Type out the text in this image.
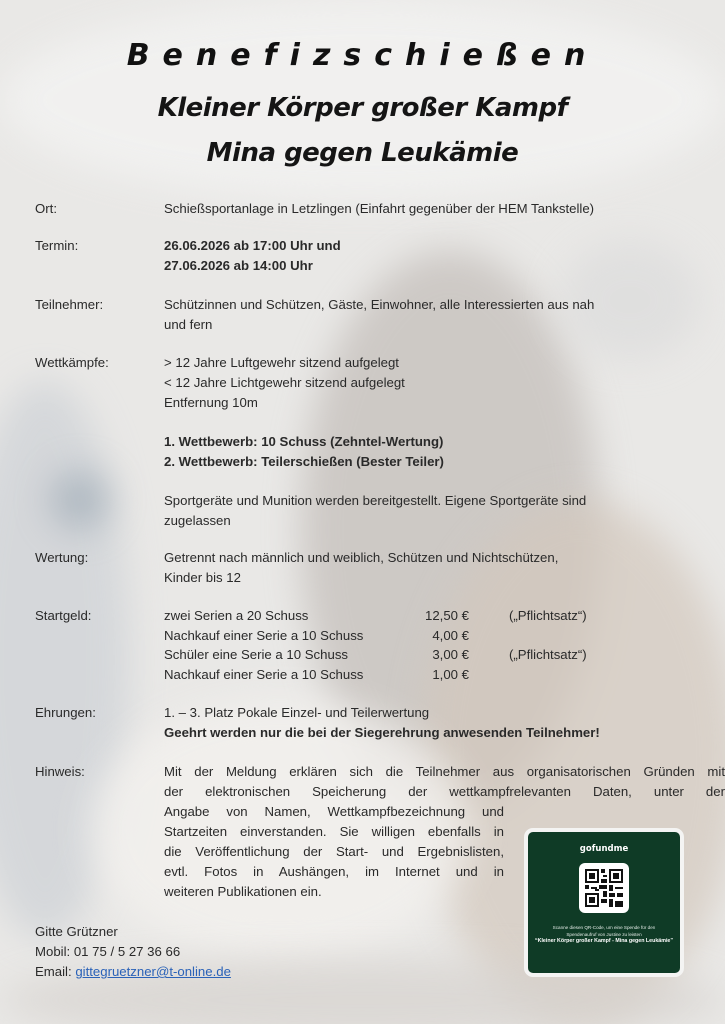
Benefizschießen
Kleiner Körper großer Kampf
Mina gegen Leukämie
Ort:	Schießsportanlage in Letzlingen (Einfahrt gegenüber der HEM Tankstelle)
Termin:	26.06.2026 ab 17:00 Uhr und
27.06.2026 ab 14:00 Uhr
Teilnehmer:	Schützinnen und Schützen, Gäste, Einwohner, alle Interessierten aus nah
und fern
Wettkämpfe:	> 12 Jahre Luftgewehr sitzend aufgelegt
< 12 Jahre Lichtgewehr sitzend aufgelegt
Entfernung 10m
1. Wettbewerb: 10 Schuss (Zehntel-Wertung)
2. Wettbewerb: Teilerschießen (Bester Teiler)
Sportgeräte und Munition werden bereitgestellt. Eigene Sportgeräte sind
zugelassen
Wertung:	Getrennt nach männlich und weiblich, Schützen und Nichtschützen,
Kinder bis 12
Startgeld:	zwei Serien a 20 Schuss	12,50 €	(„Pflichtsatz“)
Nachkauf einer Serie a 10 Schuss	4,00 €
Schüler eine Serie a 10 Schuss	3,00 €	(„Pflichtsatz“)
Nachkauf einer Serie a 10 Schuss	1,00 €
Ehrungen:	1. – 3. Platz Pokale Einzel- und Teilerwertung
Geehrt werden nur die bei der Siegerehrung anwesenden Teilnehmer!
Hinweis:	Mit der Meldung erklären sich die Teilnehmer aus organisatorischen Gründen mit
der elektronischen Speicherung der wettkampfrelevanten Daten, unter der
Angabe von Namen, Wettkampfbezeichnung und
Startzeiten einverstanden. Sie willigen ebenfalls in
die Veröffentlichung der Start- und Ergebnislisten,
evtl. Fotos in Aushängen, im Internet und in
weiteren Publikationen ein.
Gitte Grützner
Mobil: 01 75 / 5 27 36 66
Email: gittegruetzner@t-online.de
gofundme
Scanne diesen QR-Code, um eine Spende für den
Spendenaufruf von Justine zu leisten
“Kleiner Körper großer Kampf - Mina gegen Leukämie”
